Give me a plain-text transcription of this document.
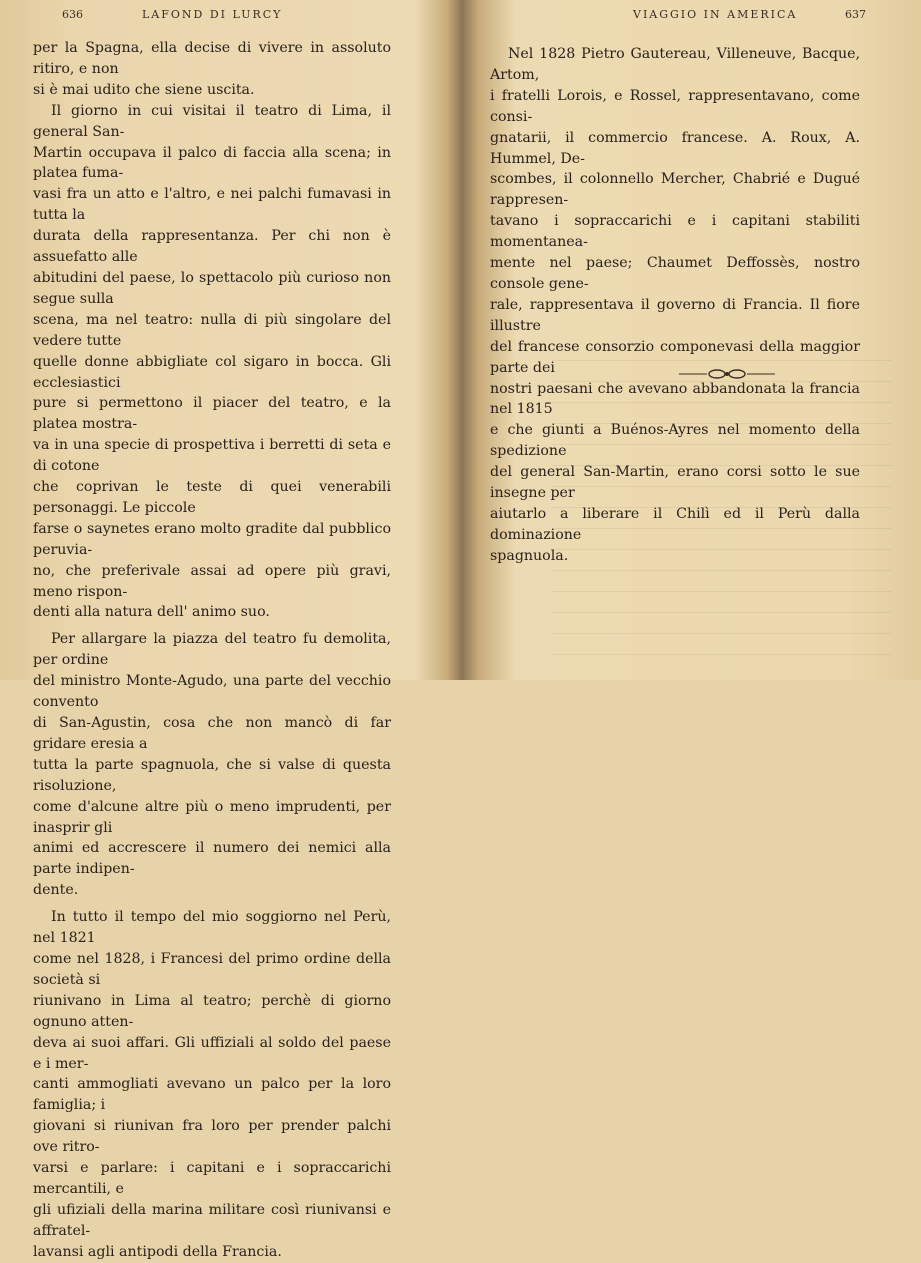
636	LAFOND DI LURCY

per la Spagna, ella decise di vivere in assoluto ritiro, e non
si è mai udito che siene uscita.

Il giorno in cui visitai il teatro di Lima, il general San-
Martin occupava il palco di faccia alla scena; in platea fuma-
vasi fra un atto e l'altro, e nei palchi fumavasi in tutta la
durata della rappresentanza. Per chi non è assuefatto alle
abitudini del paese, lo spettacolo più curioso non segue sulla
scena, ma nel teatro: nulla di più singolare del vedere tutte
quelle donne abbigliate col sigaro in bocca. Gli ecclesiastici
pure si permettono il piacer del teatro, e la platea mostra-
va in una specie di prospettiva i berretti di seta e di cotone
che coprivan le teste di quei venerabili personaggi. Le piccole
farse o saynetes erano molto gradite dal pubblico peruvia-
no, che preferivale assai ad opere più gravi, meno rispon-
denti alla natura dell' animo suo.

Per allargare la piazza del teatro fu demolita, per ordine
del ministro Monte-Agudo, una parte del vecchio convento
di San-Agustin, cosa che non mancò di far gridare eresia a
tutta la parte spagnuola, che si valse di questa risoluzione,
come d'alcune altre più o meno imprudenti, per inasprir gli
animi ed accrescere il numero dei nemici alla parte indipen-
dente.

In tutto il tempo del mio soggiorno nel Perù, nel 1821
come nel 1828, i Francesi del primo ordine della società si
riunivano in Lima al teatro; perchè di giorno ognuno atten-
deva ai suoi affari. Gli uffiziali al soldo del paese e i mer-
canti ammogliati avevano un palco per la loro famiglia; i
giovani si riunivan fra loro per prender palchi ove ritro-
varsi e parlare: i capitani e i sopraccarichi mercantili, e
gli ufiziali della marina militare così riunivansi e affratel-
lavansi agli antipodi della Francia.

VIAGGIO IN AMERICA	637

Nel 1828 Pietro Gautereau, Villeneuve, Bacque, Artom,
i fratelli Lorois, e Rossel, rappresentavano, come consi-
gnatarii, il commercio francese. A. Roux, A. Hummel, De-
scombes, il colonnello Mercher, Chabrié e Dugué rappresen-
tavano i sopraccarichi e i capitani stabiliti momentanea-
mente nel paese; Chaumet Deffossès, nostro console gene-
rale, rappresentava il governo di Francia. Il fiore illustre
del francese consorzio componevasi della maggior parte dei
nostri paesani che avevano abbandonata la francia nel 1815
e che giunti a Buénos-Ayres nel momento della spedizione
del general San-Martin, erano corsi sotto le sue insegne per
aiutarlo a liberare il Chilì ed il Perù dalla dominazione
spagnuola.
